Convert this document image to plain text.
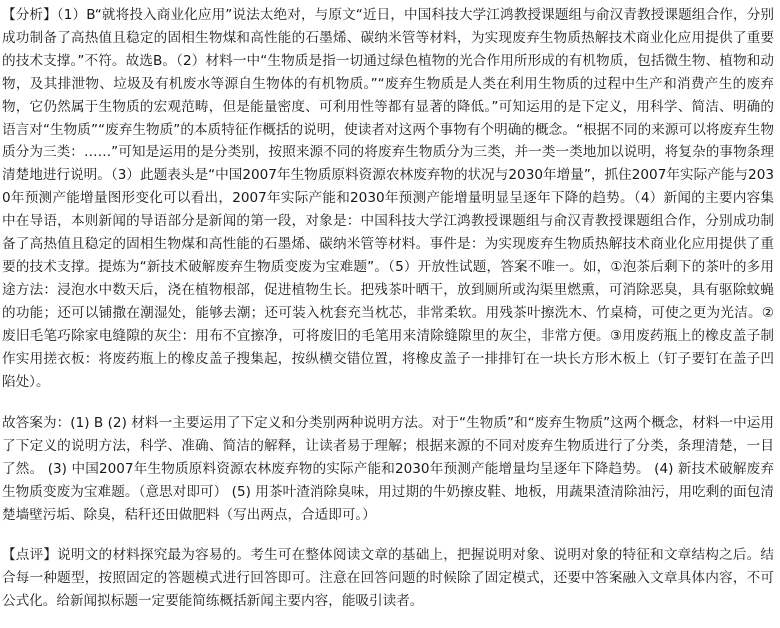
【分析】（1）B“就将投入商业化应用”说法太绝对，与原文“近日，中国科技大学江鸿教授课题组与俞汉青教授课题组合作，分别成功制备了高热值且稳定的固相生物煤和高性能的石墨烯、碳纳米管等材料，为实现废弃生物质热解技术商业化应用提供了重要的技术支撑。”不符。故选B。（2）材料一中“生物质是指一切通过绿色植物的光合作用所形成的有机物质，包括微生物、植物和动物，及其排泄物、垃圾及有机废水等源自生物体的有机物质。”“废弃生物质是人类在利用生物质的过程中生产和消费产生的废弃物，它仍然属于生物质的宏观范畴，但是能量密度、可利用性等都有显著的降低。”可知运用的是下定义，用科学、简洁、明确的语言对“生物质”“废弃生物质”的本质特征作概括的说明，使读者对这两个事物有个明确的概念。“根据不同的来源可以将废弃生物质分为三类：……”可知是运用的是分类别，按照来源不同的将废弃生物质分为三类，并一类一类地加以说明，将复杂的事物条理清楚地进行说明。（3）此题表头是“中国2007年生物质原料资源农林废弃物的状况与2030年增量”，抓住2007年实际产能与2030年预测产能增量图形变化可以看出，2007年实际产能和2030年预测产能增量明显呈逐年下降的趋势。（4）新闻的主要内容集中在导语，本则新闻的导语部分是新闻的第一段，对象是：中国科技大学江鸿教授课题组与俞汉青教授课题组合作，分别成功制备了高热值且稳定的固相生物煤和高性能的石墨烯、碳纳米管等材料。事件是：为实现废弃生物质热解技术商业化应用提供了重要的技术支撑。提炼为“新技术破解废弃生物质变废为宝难题”。（5）开放性试题，答案不唯一。如，①泡茶后剩下的茶叶的多用途方法：浸泡水中数天后，浇在植物根部，促进植物生长。把残茶叶晒干，放到厕所或沟渠里燃熏，可消除恶臭，具有驱除蚊蝇的功能；还可以铺撒在潮湿处，能够去潮；还可装入枕套充当枕芯，非常柔软。用残茶叶擦洗木、竹桌椅，可使之更为光洁。②废旧毛笔巧除家电缝隙的灰尘：用布不宜擦净，可将废旧的毛笔用来清除缝隙里的灰尘，非常方便。③用废药瓶上的橡皮盖子制作实用搓衣板：将废药瓶上的橡皮盖子搜集起，按纵横交错位置，将橡皮盖子一排排钉在一块长方形木板上（钉子要钉在盖子凹陷处）。

故答案为：(1) B (2) 材料一主要运用了下定义和分类别两种说明方法。对于“生物质”和“废弃生物质”这两个概念，材料一中运用了下定义的说明方法，科学、准确、简洁的解释，让读者易于理解；根据来源的不同对废弃生物质进行了分类，条理清楚，一目了然。 (3) 中国2007年生物质原料资源农林废弃物的实际产能和2030年预测产能增量均呈逐年下降趋势。 (4) 新技术破解废弃生物质变废为宝难题。（意思对即可） (5) 用茶叶渣消除臭味，用过期的牛奶擦皮鞋、地板，用蔬果渣清除油污，用吃剩的面包清楚墙壁污垢、除臭，秸秆还田做肥料（写出两点，合适即可。）

【点评】说明文的材料探究最为容易的。考生可在整体阅读文章的基础上，把握说明对象、说明对象的特征和文章结构之后。结合每一种题型，按照固定的答题模式进行回答即可。注意在回答问题的时候除了固定模式，还要中答案融入文章具体内容，不可公式化。给新闻拟标题一定要能简练概括新闻主要内容，能吸引读者。
